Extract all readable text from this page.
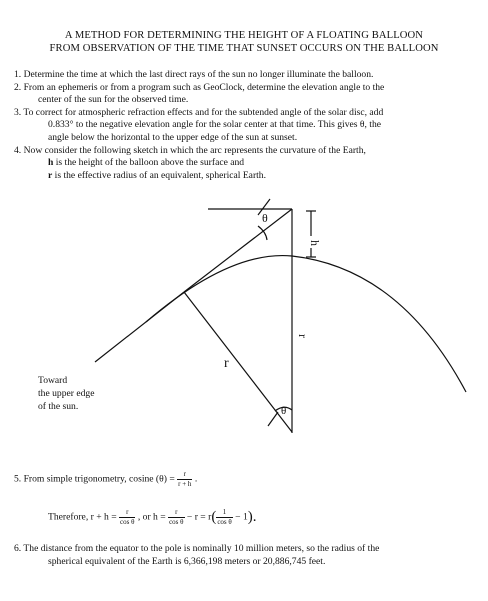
A METHOD FOR DETERMINING THE HEIGHT OF A FLOATING BALLOON
FROM OBSERVATION OF THE TIME THAT SUNSET OCCURS ON THE BALLOON
1. Determine the time at which the last direct rays of the sun no longer illuminate the balloon.
2. From an ephemeris or from a program such as GeoClock, determine the elevation angle to the
center of the sun for the observed time.
3. To correct for atmospheric refraction effects and for the subtended angle of the solar disc, add
0.833° to the negative elevation angle for the solar center at that time. This gives θ, the
angle below the horizontal to the upper edge of the sun at sunset.
4. Now consider the following sketch in which the arc represents the curvature of the Earth,
h is the height of the balloon above the surface and
r is the effective radius of an equivalent, spherical Earth.
θ
θ
h
r
r
Toward
the upper edge
of the sun.
5. From simple trigonometry, cosine $(\theta) = \frac{r}{r + h}$ .
Therefore, $r + h = \frac{r}{\text{cos θ}}$ , or $h = \frac{r}{\text{cos θ}} - r = r( \frac{1}{\text{cos θ}} - 1)$.
6. The distance from the equator to the pole is nominally 10 million meters, so the radius of the
spherical equivalent of the Earth is 6,366,198 meters or 20,886,745 feet.
